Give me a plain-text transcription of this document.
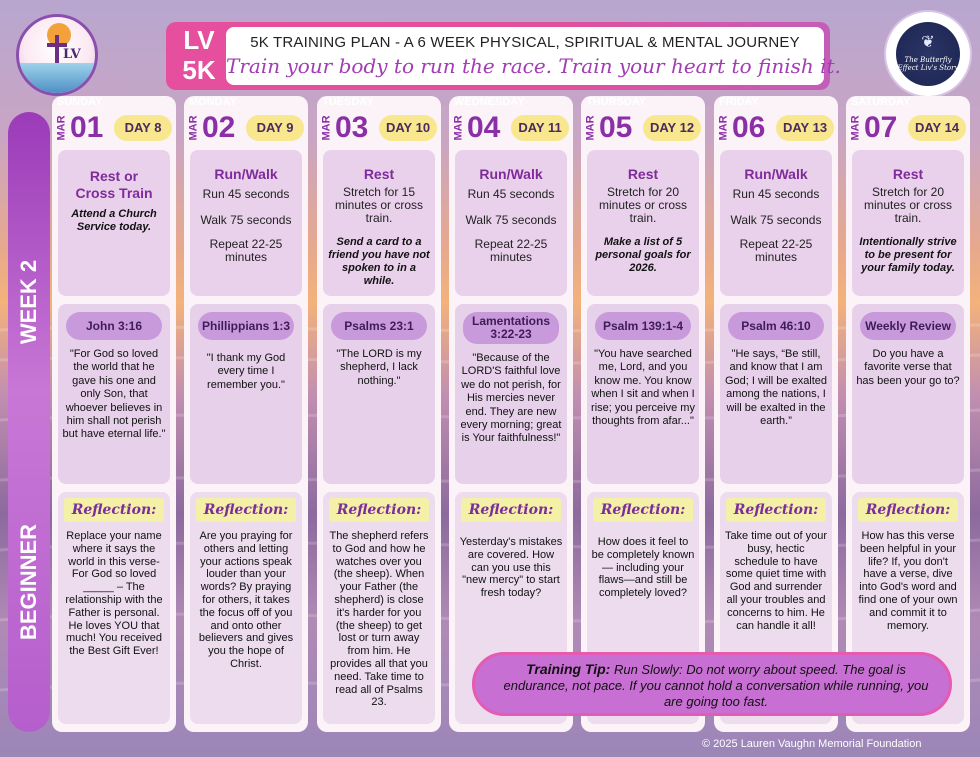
LV	LV
5K
5K TRAINING PLAN - A 6 WEEK PHYSICAL, SPIRITUAL & MENTAL JOURNEY
Train your body to run the race. Train your heart to finish it.
❦
The Butterfly Effect Liv's Story
WEEK 2
BEGINNER
SUNDAY
MAR 01	DAY 8
Rest or Cross Train
Attend a Church Service today.
John 3:16
"For God so loved the world that he gave his one and only Son, that whoever believes in him shall not perish but have eternal life."
Reflection:
Replace your name where it says the world in this verse- For God so loved _____ – The relationship with the Father is personal. He loves YOU that much! You received the Best Gift Ever!
MONDAY
MAR 02	DAY 9
Run/Walk
Run 45 seconds
Walk 75 seconds
Repeat 22-25 minutes
Phillippians 1:3
"I thank my God every time I remember you."
Reflection:
Are you praying for others and letting your actions speak louder than your words? By praying for others, it takes the focus off of you and onto other believers and gives you the hope of Christ.
TUESDAY
MAR 03	DAY 10
Rest
Stretch for 15 minutes or cross train.
Send a card to a friend you have not spoken to in a while.
Psalms 23:1
"The LORD is my shepherd, I lack nothing."
Reflection:
The shepherd refers to God and how he watches over you (the sheep). When your Father (the shepherd) is close it's harder for you (the sheep) to get lost or turn away from him. He provides all that you need. Take time to read all of Psalms 23.
WEDNESDAY
MAR 04	DAY 11
Run/Walk
Run 45 seconds
Walk 75 seconds
Repeat 22-25 minutes
Lamentations 3:22-23
"Because of the LORD'S faithful love we do not perish, for His mercies never end. They are new every morning; great is Your faithfulness!"
Reflection:
Yesterday's mistakes are covered. How can you use this "new mercy" to start fresh today?
THURSDAY
MAR 05	DAY 12
Rest
Stretch for 20 minutes or cross train.
Make a list of 5 personal goals for 2026.
Psalm 139:1-4
"You have searched me, Lord, and you know me. You know when I sit and when I rise; you perceive my thoughts from afar..."
Reflection:
How does it feel to be completely known— including your flaws—and still be completely loved?
FRIDAY
MAR 06	DAY 13
Run/Walk
Run 45 seconds
Walk 75 seconds
Repeat 22-25 minutes
Psalm 46:10
"He says, “Be still, and know that I am God; I will be exalted among the nations, I will be exalted in the earth.”
Reflection:
Take time out of your busy, hectic schedule to have some quiet time with God and surrender all your troubles and concerns to him. He can handle it all!
SATURDAY
MAR 07	DAY 14
Rest
Stretch for 20 minutes or cross train.
Intentionally strive to be present for your family today.
Weekly Review
Do you have a favorite verse that has been your go to?
Reflection:
How has this verse been helpful in your life? If, you don't have a verse, dive into God's word and find one of your own and commit it to memory.
Training Tip: Run Slowly: Do not worry about speed. The goal is endurance, not pace. If you cannot hold a conversation while running, you are going too fast.
© 2025 Lauren Vaughn Memorial Foundation
